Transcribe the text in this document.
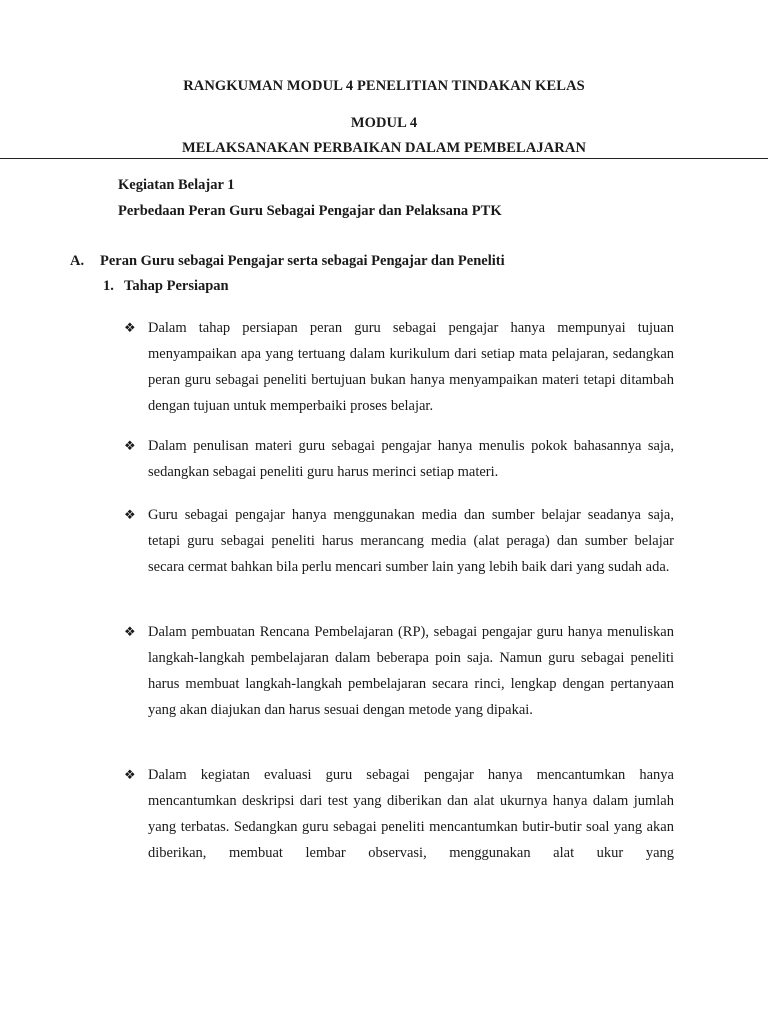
RANGKUMAN MODUL 4 PENELITIAN TINDAKAN KELAS
MODUL 4
MELAKSANAKAN PERBAIKAN DALAM PEMBELAJARAN
Kegiatan Belajar 1
Perbedaan Peran Guru Sebagai Pengajar dan Pelaksana PTK
A. Peran Guru sebagai Pengajar serta sebagai Pengajar dan Peneliti
1. Tahap Persiapan
❖ Dalam tahap persiapan peran guru sebagai pengajar hanya mempunyai tujuan menyampaikan apa yang tertuang dalam kurikulum dari setiap mata pelajaran, sedangkan peran guru sebagai peneliti bertujuan bukan hanya menyampaikan materi tetapi ditambah dengan tujuan untuk memperbaiki proses belajar.

❖ Dalam penulisan materi guru sebagai pengajar hanya menulis pokok bahasannya saja, sedangkan sebagai peneliti guru harus merinci setiap materi.

❖ Guru sebagai pengajar hanya menggunakan media dan sumber belajar seadanya saja, tetapi guru sebagai peneliti harus merancang media (alat peraga) dan sumber belajar secara cermat bahkan bila perlu mencari sumber lain yang lebih baik dari yang sudah ada.

❖ Dalam pembuatan Rencana Pembelajaran (RP), sebagai pengajar guru hanya menuliskan langkah-langkah pembelajaran dalam beberapa poin saja. Namun guru sebagai peneliti harus membuat langkah-langkah pembelajaran secara rinci, lengkap dengan pertanyaan yang akan diajukan dan harus sesuai dengan metode yang dipakai.

❖ Dalam kegiatan evaluasi guru sebagai pengajar hanya mencantumkan hanya mencantumkan deskripsi dari test yang diberikan dan alat ukurnya hanya dalam jumlah yang terbatas. Sedangkan guru sebagai peneliti mencantumkan butir-butir soal yang akan diberikan, membuat lembar observasi, menggunakan alat ukur yang
